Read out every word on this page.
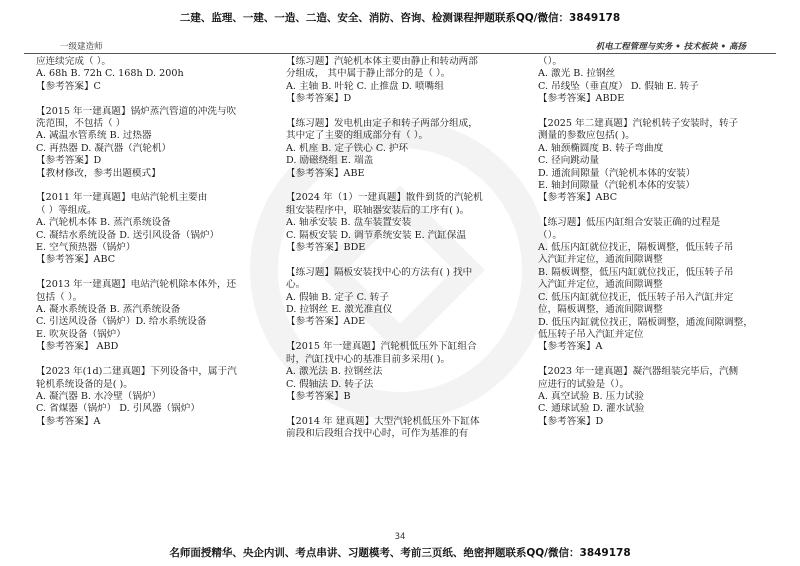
二建、监理、一建、一造、二造、安全、消防、咨询、检测课程押题联系QQ/微信：3849178
一级建造师	机电工程管理与实务 • 技术板块 • 高扬
应连续完成（ ）。
A. 68h B. 72h C. 168h D. 200h
【参考答案】C
【2015 年一建真题】锅炉蒸汽管道的冲洗与吹
洗范围，不包括（ ）
A. 减温水管系统 B. 过热器
C. 再热器 D. 凝汽器（汽轮机）
【参考答案】D
【教材修改，参考出题模式】
【2011 年一建真题】电站汽轮机主要由
（ ）等组成。
A. 汽轮机本体 B. 蒸汽系统设备
C. 凝结水系统设备 D. 送引风设备（锅炉）
E. 空气预热器（锅炉）
【参考答案】ABC
【2013 年一建真题】电站汽轮机除本体外，还
包括（ ）。
A. 凝水系统设备 B. 蒸汽系统设备
C. 引送风设备（锅炉）D. 给水系统设备
E. 吹灰设备（锅炉）
【参考答案】 ABD
【2023 年(1d)二建真题】下列设备中，属于汽
轮机系统设备的是( )。
A. 凝汽器 B. 水冷壁（锅炉）
C. 省煤器（锅炉） D. 引风器（锅炉）
【参考答案】A
【练习题】汽轮机本体主要由静止和转动两部
分组成， 其中属于静止部分的是（ ）。
A. 主轴 B. 叶轮 C. 止推盘 D. 喷嘴组
【参考答案】D
【练习题】发电机由定子和转子两部分组成，
其中定了主要的组成部分有（ ）。
A. 机座 B. 定子铁心 C. 护环
D. 励磁绕组 E. 端盖
【参考答案】ABE
【2024 年（1）一建真题】散件到货的汽轮机
组安装程序中，联轴器安装后的工序有( )。
A. 轴承安装 B. 盘车装置安装
C. 隔板安装 D. 调节系统安装 E. 汽缸保温
【参考答案】BDE
【练习题】隔板安装找中心的方法有( ) 找中
心。
A. 假轴 B. 定子 C. 转子
D. 拉钢丝 E. 激光准直仪
【参考答案】ADE
【2015 年一建真题】汽轮机低压外下缸组合
时，汽缸找中心的基准目前多采用( )。
A. 激光法 B. 拉钢丝法
C. 假轴法 D. 转子法
【参考答案】B
【2014 年 建真题】大型汽轮机低压外下缸体
前段和后段组合找中心时，可作为基准的有
（）。
A. 激光 B. 拉钢丝
C. 吊线坠（垂直度） D. 假轴 E. 转子
【参考答案】ABDE
【2025 年二建真题】汽轮机转子安装时，转子
测量的参数应包括( )。
A. 轴颈椭圆度 B. 转子弯曲度
C. 径向跳动量
D. 通流间隙量（汽轮机本体的安装）
E. 轴封间隙量（汽轮机本体的安装）
【参考答案】ABC
【练习题】低压内缸组合安装正确的过程是
（）。
A. 低压内缸就位找正，隔板调整，低压转子吊
入汽缸并定位，通流间隙调整
B. 隔板调整，低压内缸就位找正，低压转子吊
入汽缸并定位，通流间隙调整
C. 低压内缸就位找正，低压转子吊入汽缸并定
位，隔板调整，通流间隙调整
D. 低压内缸就位找正，隔板调整，通流间隙调整，
低压转子吊入汽缸并定位
【参考答案】A
【2023 年一建真题】凝汽器组装完毕后，汽侧
应进行的试验是（）。
A. 真空试验 B. 压力试验
C. 通球试验 D. 灌水试验
【参考答案】D
34
名师面授精华、央企内训、考点串讲、习题模考、考前三页纸、绝密押题联系QQ/微信：3849178
